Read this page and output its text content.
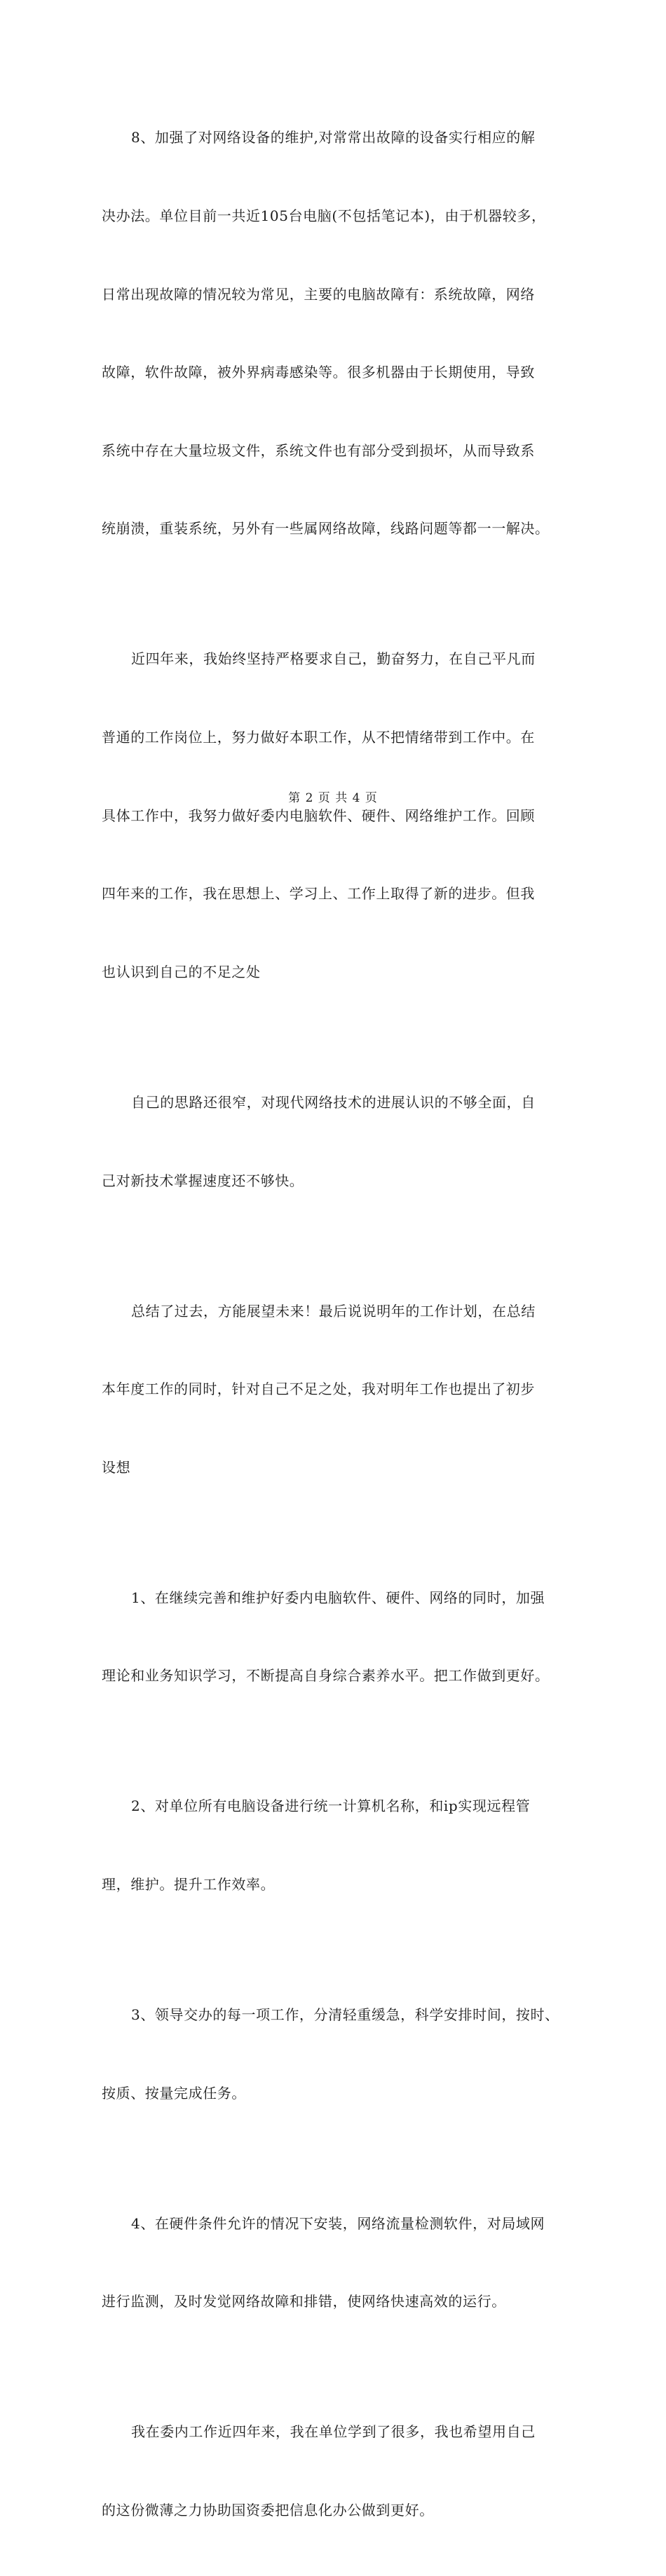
8、加强了对网络设备的维护,对常常出故障的设备实行相应的解

决办法。单位目前一共近105台电脑(不包括笔记本)，由于机器较多，

日常出现故障的情况较为常见，主要的电脑故障有：系统故障，网络

故障，软件故障，被外界病毒感染等。很多机器由于长期使用，导致

系统中存在大量垃圾文件，系统文件也有部分受到损坏，从而导致系

统崩溃，重装系统，另外有一些属网络故障，线路问题等都一一解决。

近四年来，我始终坚持严格要求自己，勤奋努力，在自己平凡而

普通的工作岗位上，努力做好本职工作，从不把情绪带到工作中。在

具体工作中，我努力做好委内电脑软件、硬件、网络维护工作。回顾

四年来的工作，我在思想上、学习上、工作上取得了新的进步。但我

也认识到自己的不足之处

自己的思路还很窄，对现代网络技术的进展认识的不够全面，自

己对新技术掌握速度还不够快。

总结了过去，方能展望未来！最后说说明年的工作计划，在总结

本年度工作的同时，针对自己不足之处，我对明年工作也提出了初步

设想

1、在继续完善和维护好委内电脑软件、硬件、网络的同时，加强

理论和业务知识学习，不断提高自身综合素养水平。把工作做到更好。

2、对单位所有电脑设备进行统一计算机名称，和ip实现远程管

理，维护。提升工作效率。

3、领导交办的每一项工作，分清轻重缓急，科学安排时间，按时、

按质、按量完成任务。

4、在硬件条件允许的情况下安装，网络流量检测软件，对局域网

进行监测，及时发觉网络故障和排错，使网络快速高效的运行。

我在委内工作近四年来，我在单位学到了很多，我也希望用自己

的这份微薄之力协助国资委把信息化办公做到更好。

第 2 页 共 4 页
